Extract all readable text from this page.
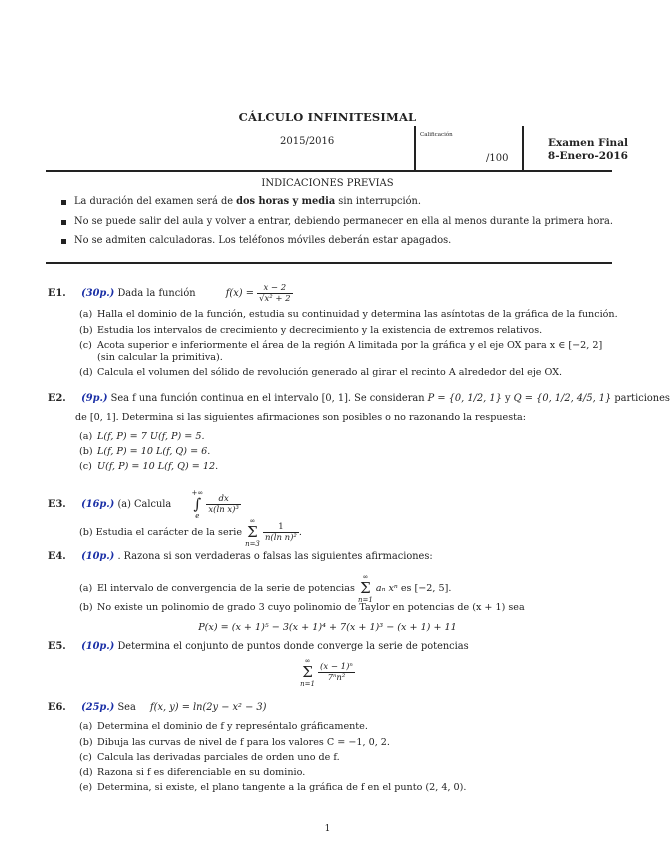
CÁLCULO INFINITESIMAL
2015/2016
Calificación
/100
Examen Final
8-Enero-2016
INDICACIONES PREVIAS
La duración del examen será de dos horas y media sin interrupción.
No se puede salir del aula y volver a entrar, debiendo permanecer en ella al menos durante la primera hora.
No se admiten calculadoras. Los teléfonos móviles deberán estar apagados.
E1. (30p.) Dada la función	$f(x) = \frac{x - 2}{\text{√x² + 2}}$
(a) Halla el dominio de la función, estudia su continuidad y determina las asíntotas de la gráfica de la función.
(b) Estudia los intervalos de crecimiento y decrecimiento y la existencia de extremos relativos.
(c) Acota superior e inferiormente el área de la región A limitada por la gráfica y el eje OX para x ∈ [−2, 2]
(sin calcular la primitiva).
(d) Calcula el volumen del sólido de revolución generado al girar el recinto A alrededor del eje OX.
E2. (9p.) Sea f una función continua en el intervalo [0, 1]. Se consideran P = {0, 1/2, 1} y Q = {0, 1/2, 4/5, 1} particiones
de [0, 1]. Determina si las siguientes afirmaciones son posibles o no razonando la respuesta:
(a) L(f, P) = 7 U(f, P) = 5.
(b) L(f, P) = 10 L(f, Q) = 6.
(c) U(f, P) = 10 L(f, Q) = 12.
E3. (16p.) (a) Calcula
+∞
∫
e

$\frac{dx}{\text{x(ln x)³}}$
(b) Estudia el carácter de la serie
∞
Σ
n=3

$\frac{1}{\text{n(ln n)²}}$ .
E4. (10p.) . Razona si son verdaderas o falsas las siguientes afirmaciones:
(a) El intervalo de convergencia de la serie de potencias
∞
Σ
n=1
aₙ xⁿ es [−2, 5].
(b) No existe un polinomio de grado 3 cuyo polinomio de Taylor en potencias de (x + 1) sea
P(x) = (x + 1)⁵ − 3(x + 1)⁴ + 7(x + 1)³ − (x + 1) + 11
E5. (10p.) Determina el conjunto de puntos donde converge la serie de potencias
∞
Σ
n=1

$\frac{\text{(x − 1)ⁿ}}{\text{7ⁿn²}}$
E6. (25p.) Sea f(x, y) = ln(2y − x² − 3)
(a) Determina el dominio de f y represéntalo gráficamente.
(b) Dibuja las curvas de nivel de f para los valores C = −1, 0, 2.
(c) Calcula las derivadas parciales de orden uno de f.
(d) Razona si f es diferenciable en su dominio.
(e) Determina, si existe, el plano tangente a la gráfica de f en el punto (2, 4, 0).
1
